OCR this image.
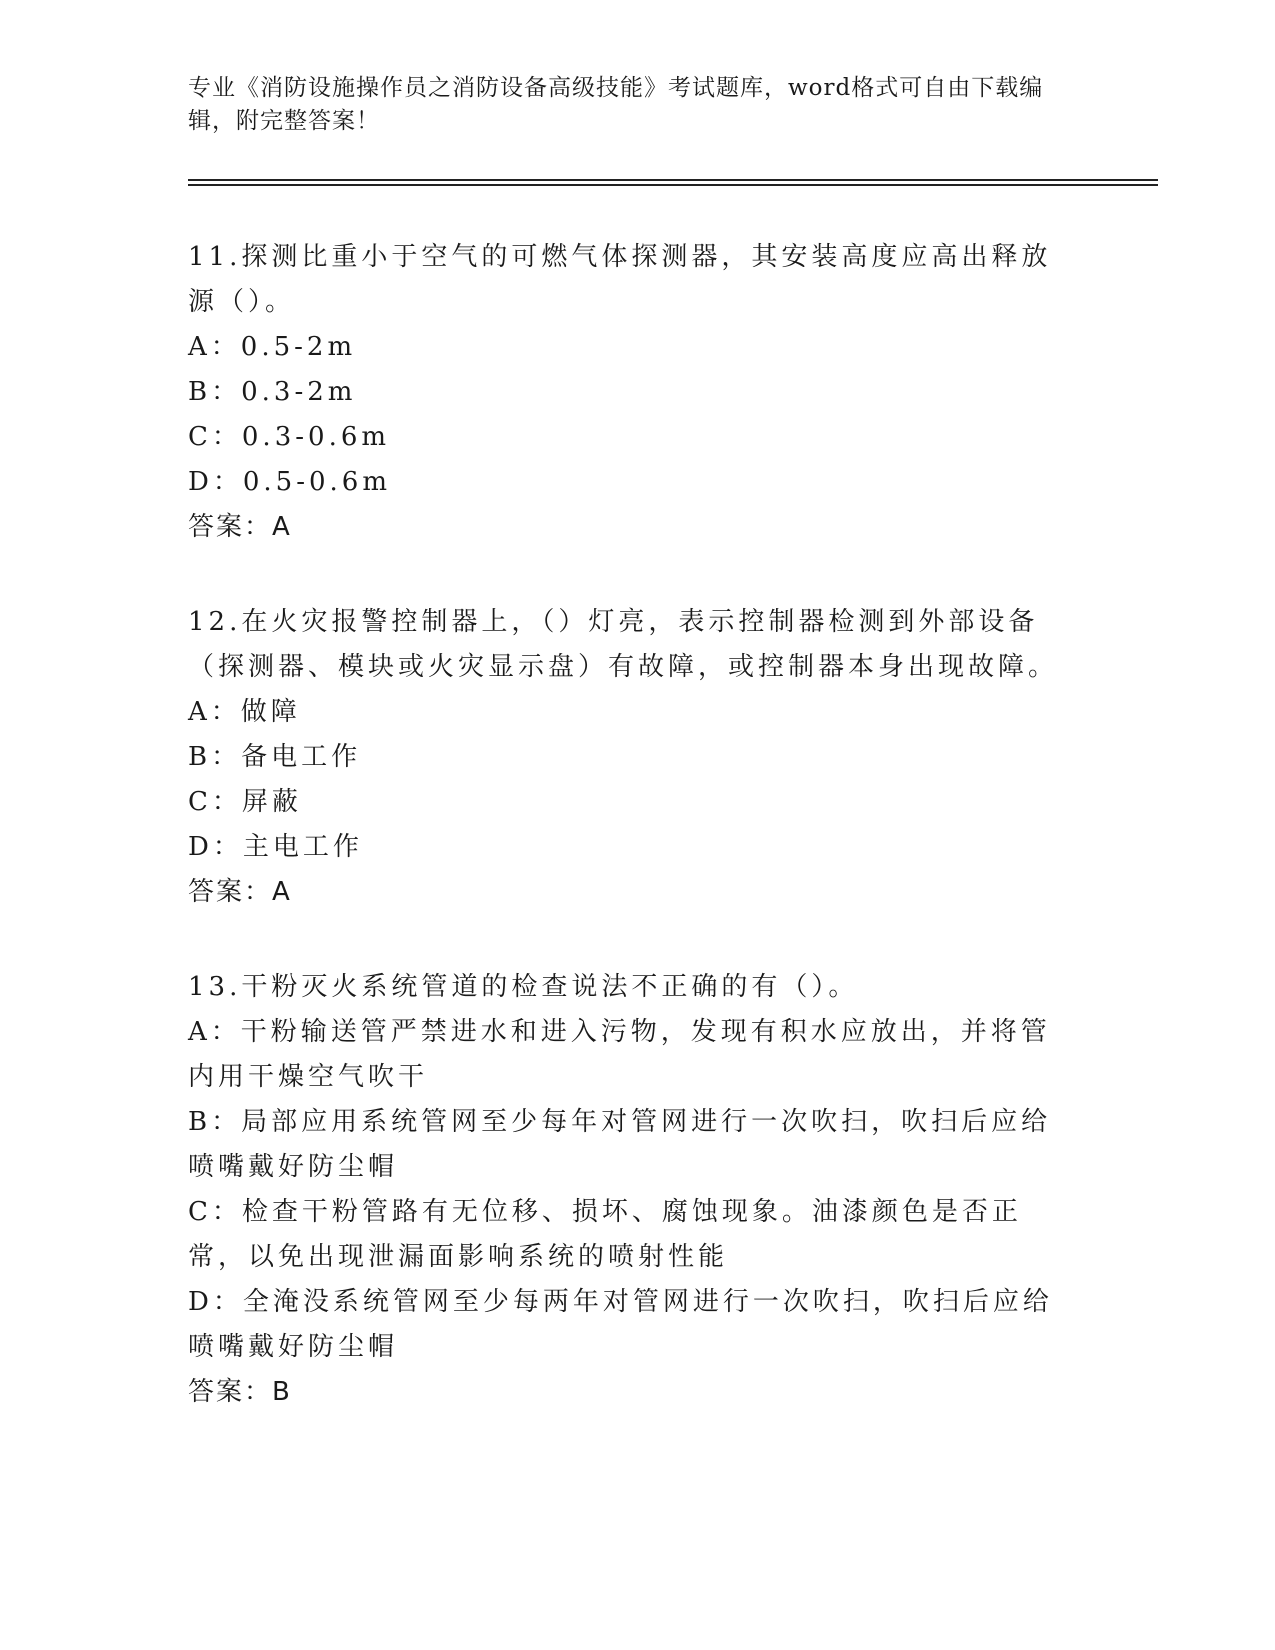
专业《消防设施操作员之消防设备高级技能》考试题库，word格式可自由下载编辑，附完整答案！
11.探测比重小于空气的可燃气体探测器，其安装高度应高出释放源（）。
A：0.5-2m
B：0.3-2m
C：0.3-0.6m
D：0.5-0.6m
答案：A
12.在火灾报警控制器上，（）灯亮，表示控制器检测到外部设备（探测器、模块或火灾显示盘）有故障，或控制器本身出现故障。
A：做障
B：备电工作
C：屏蔽
D：主电工作
答案：A
13.干粉灭火系统管道的检查说法不正确的有（）。
A：干粉输送管严禁进水和进入污物，发现有积水应放出，并将管内用干燥空气吹干
B：局部应用系统管网至少每年对管网进行一次吹扫，吹扫后应给喷嘴戴好防尘帽
C：检查干粉管路有无位移、损坏、腐蚀现象。油漆颜色是否正常，以免出现泄漏面影响系统的喷射性能
D：全淹没系统管网至少每两年对管网进行一次吹扫，吹扫后应给喷嘴戴好防尘帽
答案：B
